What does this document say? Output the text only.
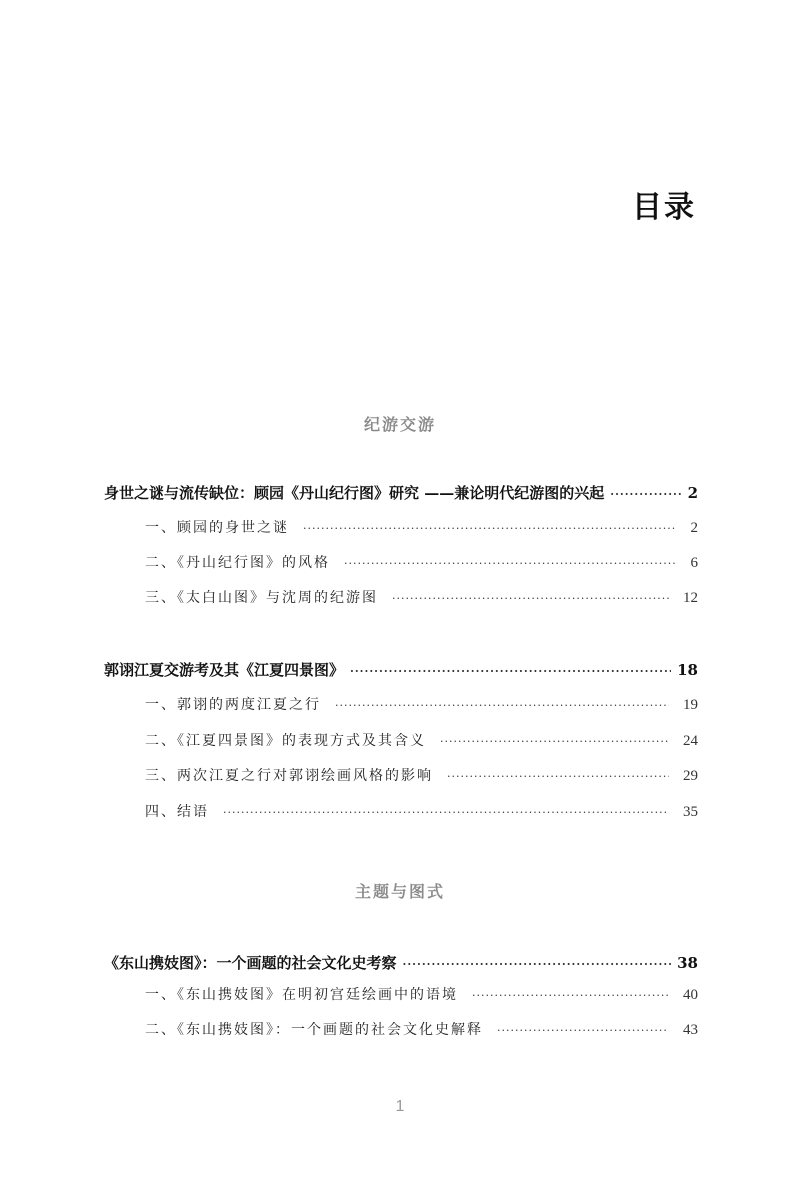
目录
纪游交游
身世之谜与流传缺位：顾园《丹山纪行图》研究 ——兼论明代纪游图的兴起 ·····	2
一、顾园的身世之谜 ·····	2
二、《丹山纪行图》的风格 ·····	6
三、《太白山图》与沈周的纪游图 ·····	12
郭诩江夏交游考及其《江夏四景图》 ·····	18
一、郭诩的两度江夏之行 ·····	19
二、《江夏四景图》的表现方式及其含义 ·····	24
三、两次江夏之行对郭诩绘画风格的影响 ·····	29
四、结语 ·····	35
主题与图式
《东山携妓图》：一个画题的社会文化史考察 ·····	38
一、《东山携妓图》在明初宫廷绘画中的语境 ·····	40
二、《东山携妓图》：一个画题的社会文化史解释 ·····	43
1
